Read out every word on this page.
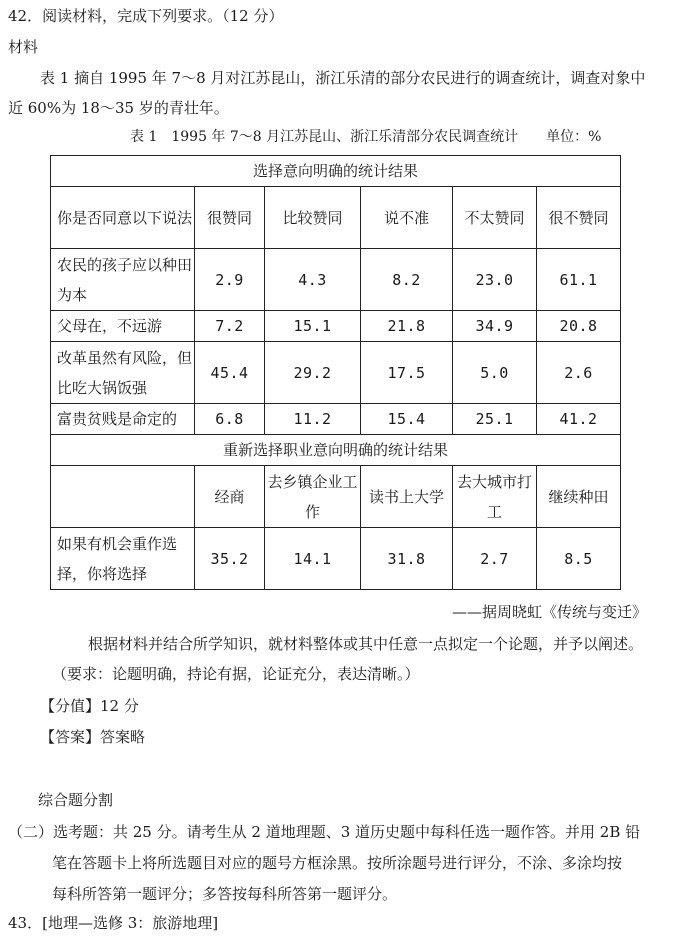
42．阅读材料，完成下列要求。（12 分）
材料
表 1 摘自 1995 年 7～8 月对江苏昆山，浙江乐清的部分农民进行的调查统计，调查对象中
近 60%为 18～35 岁的青壮年。
表 1　1995 年 7～8 月江苏昆山、浙江乐清部分农民调查统计　　单位：%
选择意向明确的统计结果					
你是否同意以下说法	很赞同	比较赞同	说不准	不太赞同	很不赞同
农民的孩子应以种田为本	2.9	4.3	8.2	23.0	61.1
父母在，不远游	7.2	15.1	21.8	34.9	20.8
改革虽然有风险，但比吃大锅饭强	45.4	29.2	17.5	5.0	2.6
富贵贫贱是命定的	6.8	11.2	15.4	25.1	41.2
重新选择职业意向明确的统计结果					
	经商	去乡镇企业工作	读书上大学	去大城市打工	继续种田
如果有机会重作选择，你将选择	35.2	14.1	31.8	2.7	8.5
——据周晓虹《传统与变迁》
根据材料并结合所学知识，就材料整体或其中任意一点拟定一个论题，并予以阐述。
（要求：论题明确，持论有据，论证充分，表达清晰。）
【分值】12 分
【答案】答案略
综合题分割
（二）选考题：共 25 分。请考生从 2 道地理题、3 道历史题中每科任选一题作答。并用 2B 铅
笔在答题卡上将所选题目对应的题号方框涂黑。按所涂题号进行评分，不涂、多涂均按
每科所答第一题评分；多答按每科所答第一题评分。
43．[地理—选修 3：旅游地理]
